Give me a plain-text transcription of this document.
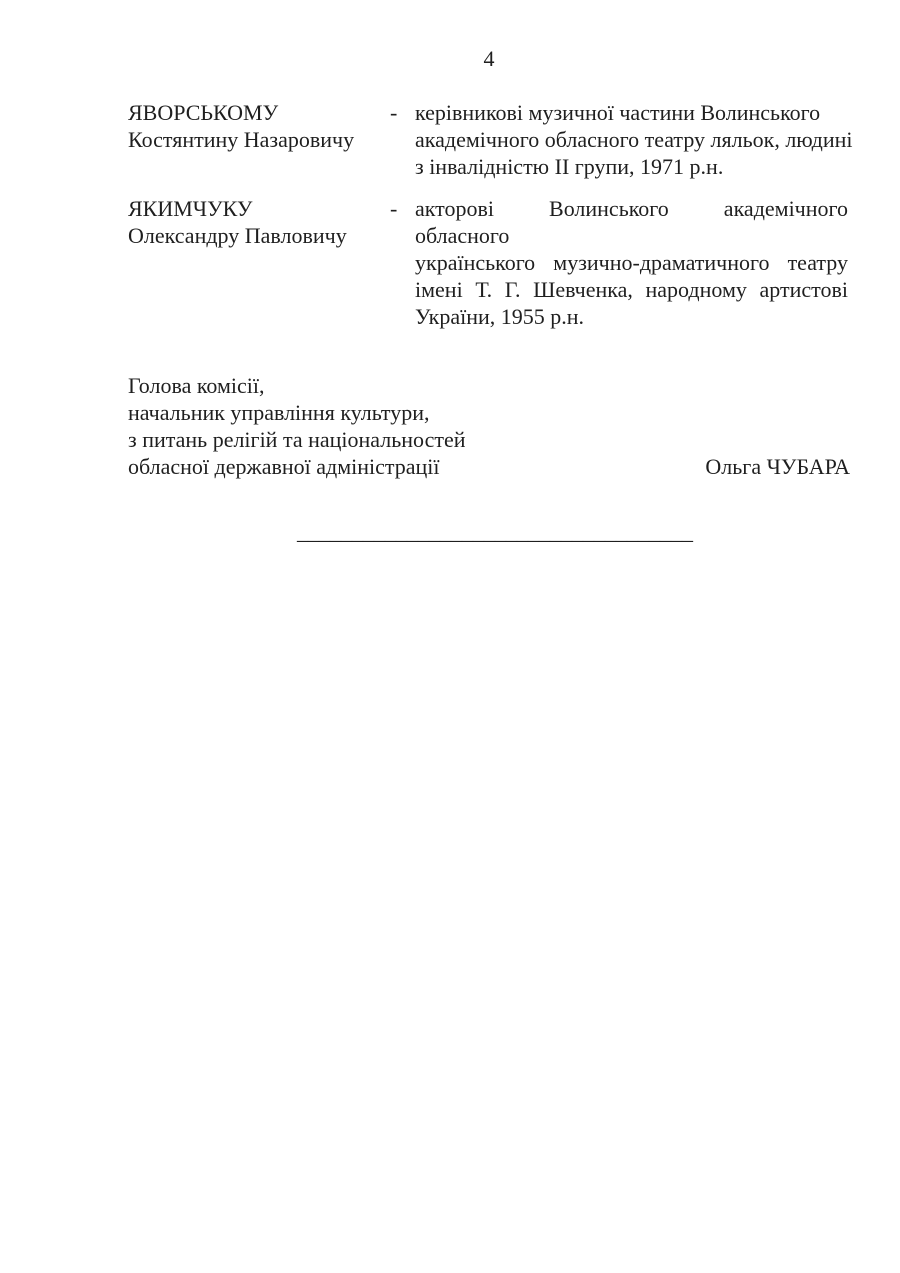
4
ЯВОРСЬКОМУ
Костянтину Назаровичу
- керівникові музичної частини Волинського
академічного обласного театру ляльок, людині
з інвалідністю ІІ групи, 1971 р.н.
ЯКИМЧУКУ
Олександру Павловичу
- акторові Волинського академічного обласного
українського музично-драматичного театру
імені Т. Г. Шевченка, народному артистові
України, 1955 р.н.
Голова комісії,
начальник управління культури,
з питань релігій та національностей
обласної державної адміністрації	Ольга ЧУБАРА
____________________________________
